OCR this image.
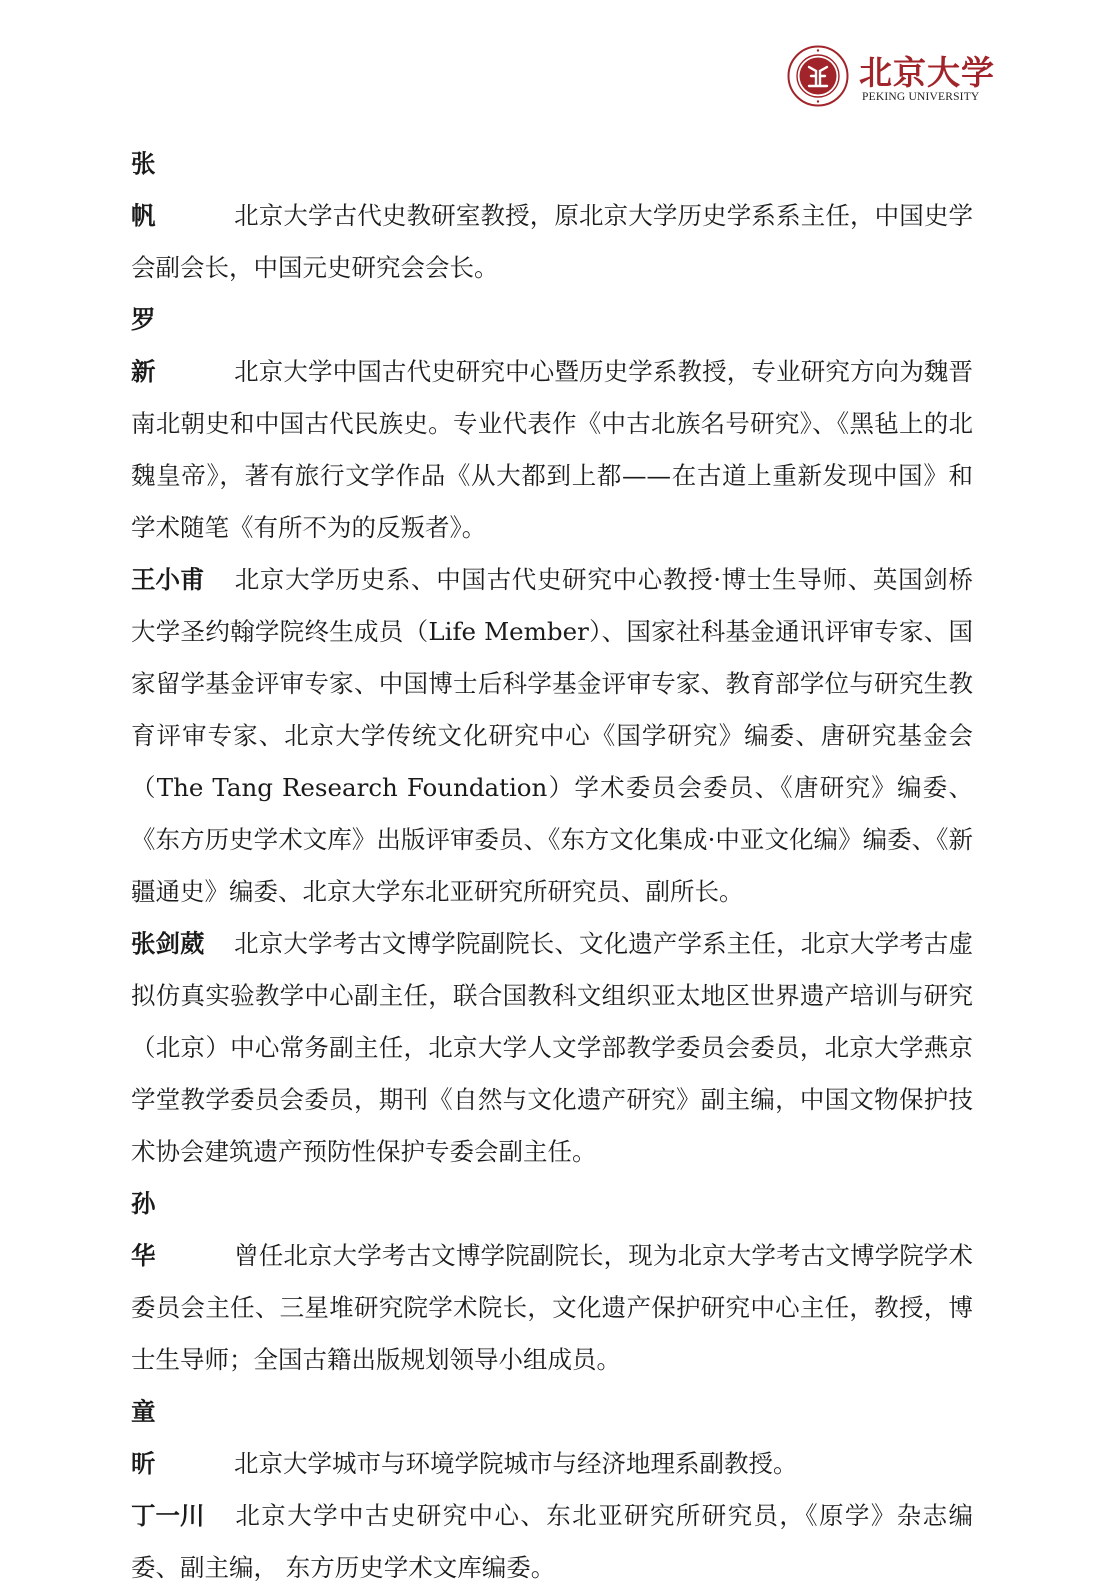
北京大学
PEKING UNIVERSITY

张 帆 北京大学古代史教研室教授，原北京大学历史学系系主任，中国史学会副会长，中国元史研究会会长。

罗 新 北京大学中国古代史研究中心暨历史学系教授，专业研究方向为魏晋南北朝史和中国古代民族史。专业代表作《中古北族名号研究》、《黑毡上的北魏皇帝》，著有旅行文学作品《从大都到上都——在古道上重新发现中国》和学术随笔《有所不为的反叛者》。

王小甫 北京大学历史系、中国古代史研究中心教授·博士生导师、英国剑桥大学圣约翰学院终生成员（Life Member）、国家社科基金通讯评审专家、国家留学基金评审专家、中国博士后科学基金评审专家、教育部学位与研究生教育评审专家、北京大学传统文化研究中心《国学研究》编委、唐研究基金会（The Tang Research Foundation）学术委员会委员、《唐研究》编委、《东方历史学术文库》出版评审委员、《东方文化集成·中亚文化编》编委、《新疆通史》编委、北京大学东北亚研究所研究员、副所长。

张剑葳 北京大学考古文博学院副院长、文化遗产学系主任，北京大学考古虚拟仿真实验教学中心副主任，联合国教科文组织亚太地区世界遗产培训与研究（北京）中心常务副主任，北京大学人文学部教学委员会委员，北京大学燕京学堂教学委员会委员，期刊《自然与文化遗产研究》副主编，中国文物保护技术协会建筑遗产预防性保护专委会副主任。

孙 华 曾任北京大学考古文博学院副院长，现为北京大学考古文博学院学术委员会主任、三星堆研究院学术院长，文化遗产保护研究中心主任，教授，博士生导师；全国古籍出版规划领导小组成员。

童 昕 北京大学城市与环境学院城市与经济地理系副教授。

丁一川 北京大学中古史研究中心、东北亚研究所研究员，《原学》杂志编委、副主编， 东方历史学术文库编委。
